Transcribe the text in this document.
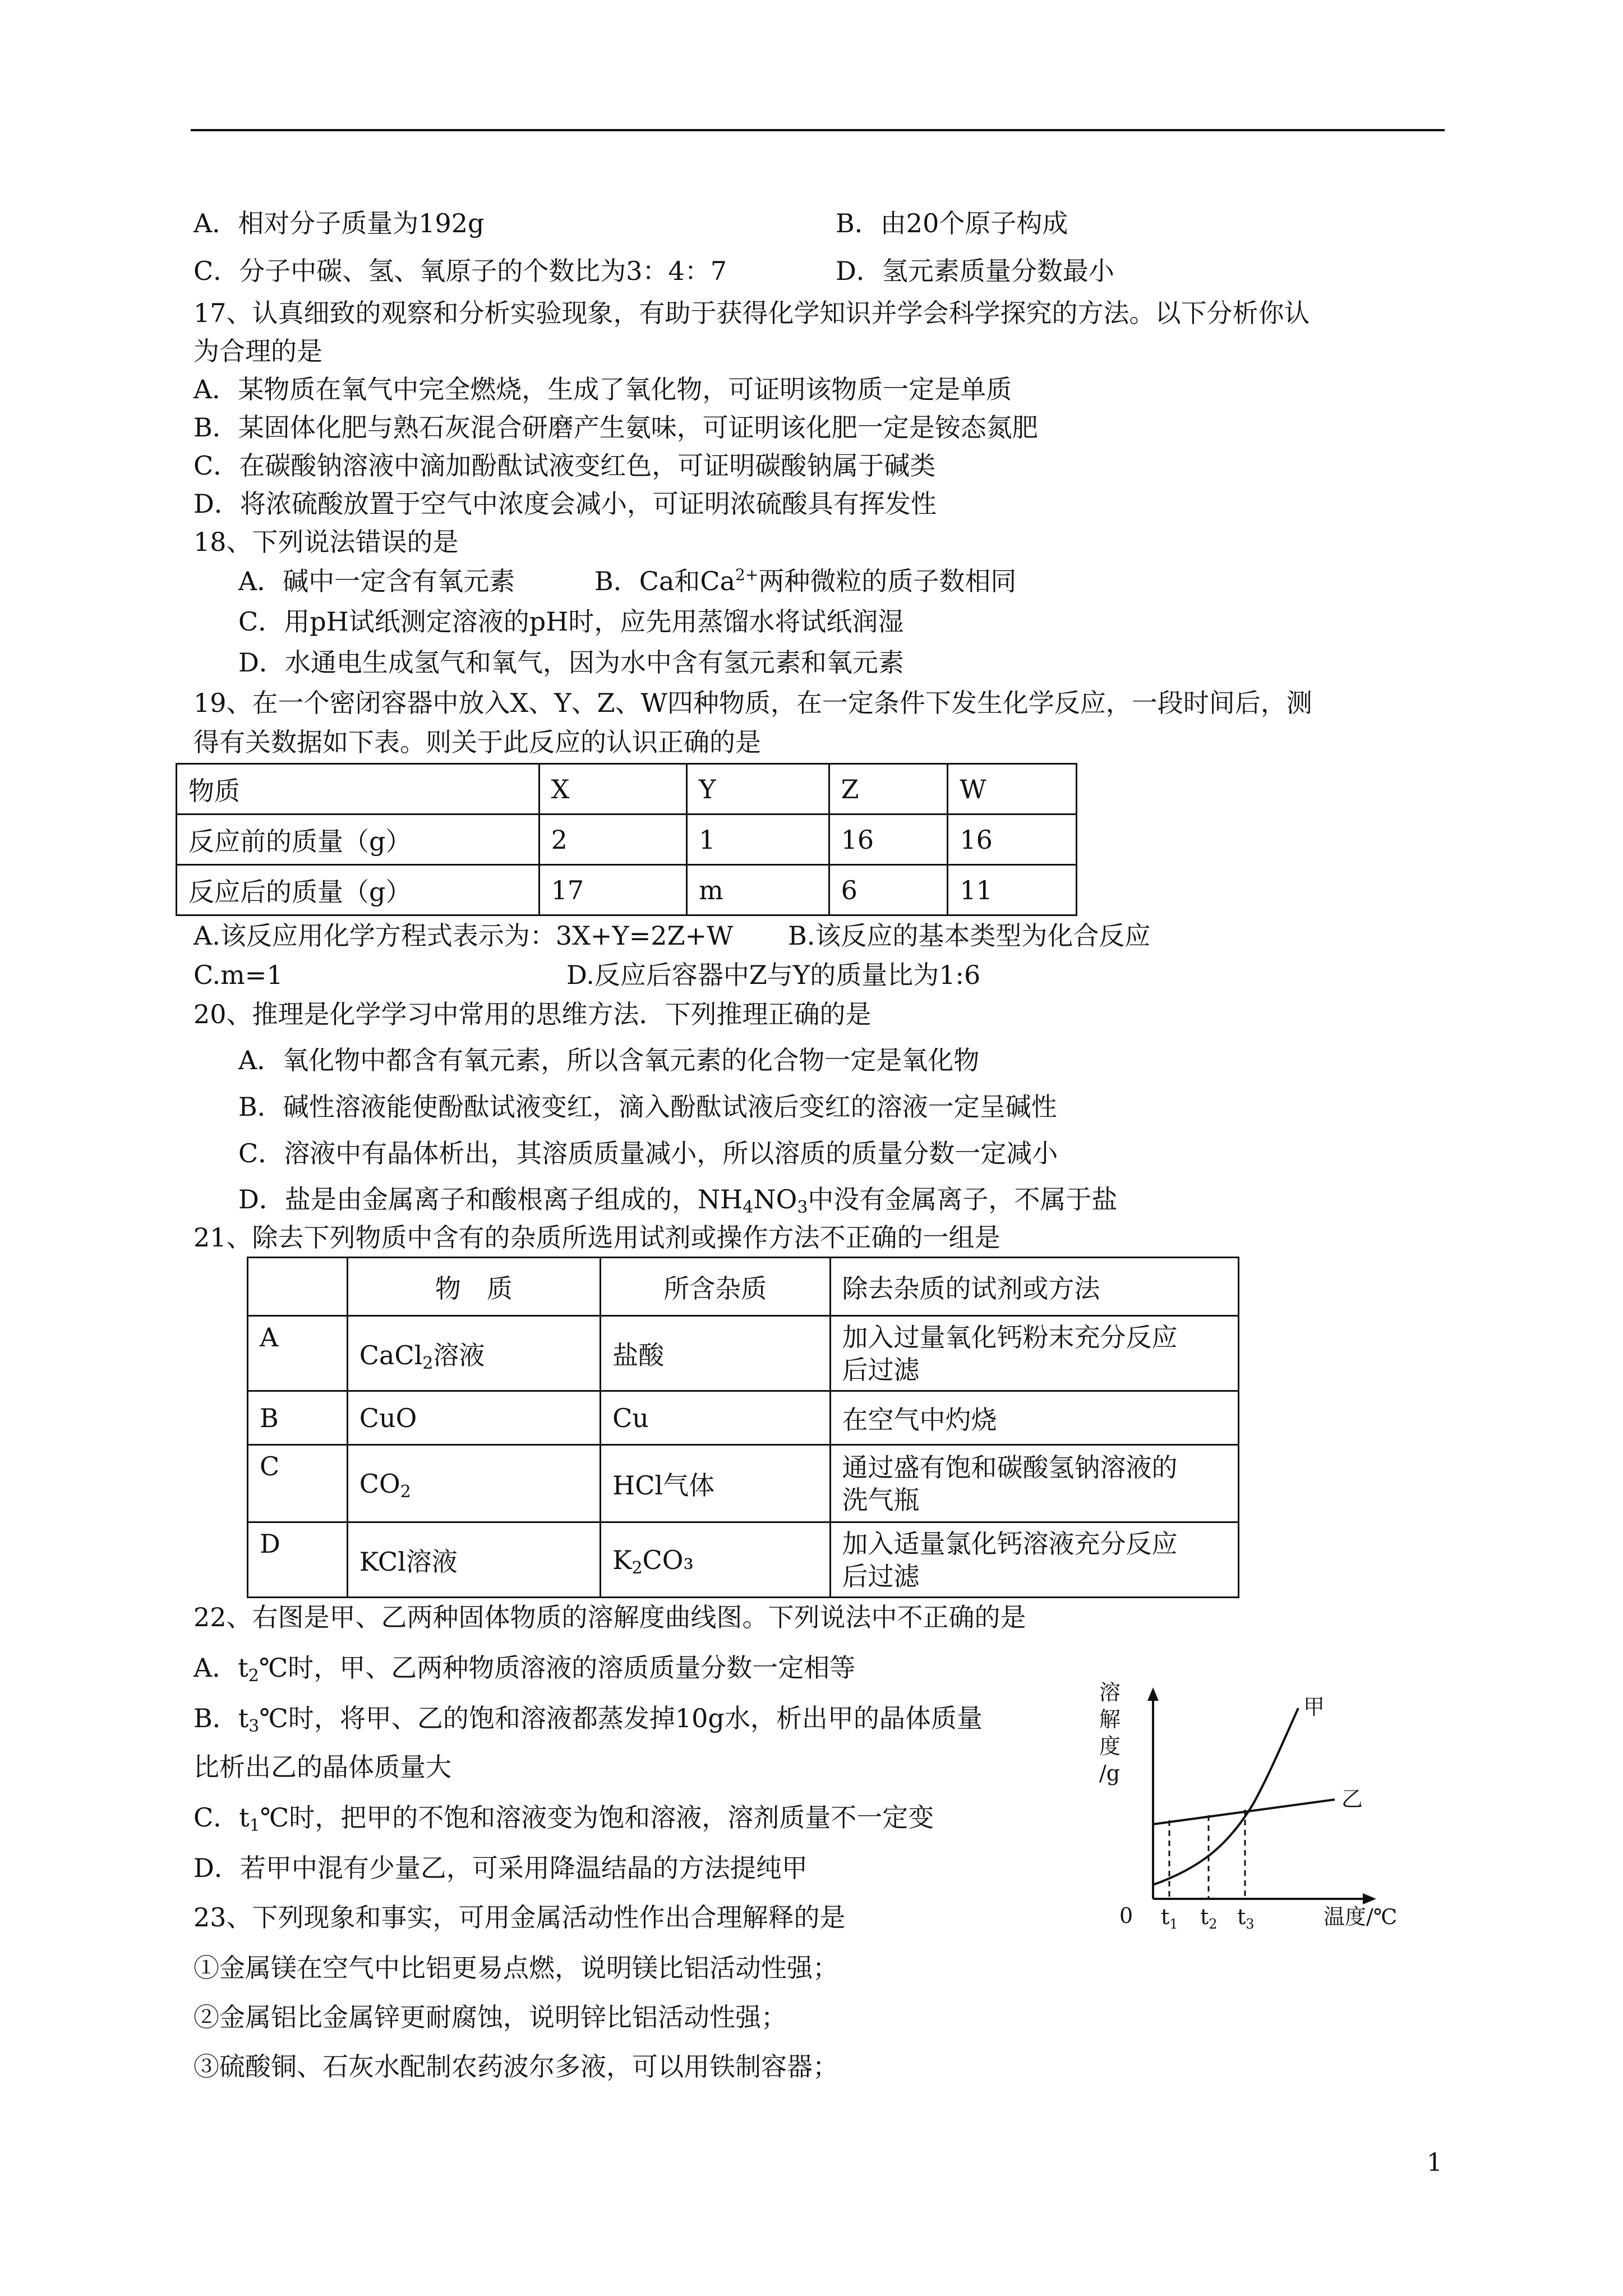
A．相对分子质量为192g	B．由20个原子构成
C．分子中碳、氢、氧原子的个数比为3：4：7	D．氢元素质量分数最小
17、认真细致的观察和分析实验现象，有助于获得化学知识并学会科学探究的方法。以下分析你认
为合理的是
A．某物质在氧气中完全燃烧，生成了氧化物，可证明该物质一定是单质
B．某固体化肥与熟石灰混合研磨产生氨味，可证明该化肥一定是铵态氮肥
C．在碳酸钠溶液中滴加酚酞试液变红色，可证明碳酸钠属于碱类
D．将浓硫酸放置于空气中浓度会减小，可证明浓硫酸具有挥发性
18、下列说法错误的是
A．碱中一定含有氧元素	B．Ca和$Ca^{2+}$两种微粒的质子数相同
C．用pH试纸测定溶液的pH时，应先用蒸馏水将试纸润湿
D．水通电生成氢气和氧气，因为水中含有氢元素和氧元素
19、在一个密闭容器中放入X、Y、Z、W四种物质，在一定条件下发生化学反应，一段时间后，测
得有关数据如下表。则关于此反应的认识正确的是
物质	X	Y	Z	W
反应前的质量（g）	2	1	16	16
反应后的质量（g）	17	m	6	11
A.该反应用化学方程式表示为：3X+Y=2Z+W B.该反应的基本类型为化合反应
C.m=1	D.反应后容器中Z与Y的质量比为1:6
20、推理是化学学习中常用的思维方法．下列推理正确的是
A．氧化物中都含有氧元素，所以含氧元素的化合物一定是氧化物
B．碱性溶液能使酚酞试液变红，滴入酚酞试液后变红的溶液一定呈碱性
C．溶液中有晶体析出，其溶质质量减小，所以溶质的质量分数一定减小
D．盐是由金属离子和酸根离子组成的，$NH_4NO_3$中没有金属离子，不属于盐
21、除去下列物质中含有的杂质所选用试剂或操作方法不正确的一组是
	物　质	所含杂质	除去杂质的试剂或方法
A	CaCl$_2$溶液	盐酸	加入过量氧化钙粉末充分反应
后过滤

B	CuO	Cu	在空气中灼烧

C	$CO_2$	HCl气体	通过盛有饱和碳酸氢钠溶液的
洗气瓶

D	KCl溶液	$K_2CO_3$	加入适量氯化钙溶液充分反应
后过滤
22、右图是甲、乙两种固体物质的溶解度曲线图。下列说法中不正确的是
A．$t_2℃$时，甲、乙两种物质溶液的溶质质量分数一定相等
B．$t_3℃$时，将甲、乙的饱和溶液都蒸发掉10g水，析出甲的晶体质量
比析出乙的晶体质量大
C．$t_1℃$时，把甲的不饱和溶液变为饱和溶液，溶剂质量不一定变
D．若甲中混有少量乙，可采用降温结晶的方法提纯甲
溶
解
度
/g
0 $t_1$ $t_2$ $t_3$	温度/℃
甲
乙
23、下列现象和事实，可用金属活动性作出合理解释的是
①金属镁在空气中比铝更易点燃，说明镁比铝活动性强；
②金属铝比金属锌更耐腐蚀，说明锌比铝活动性强；
③硫酸铜、石灰水配制农药波尔多液，可以用铁制容器；
1
